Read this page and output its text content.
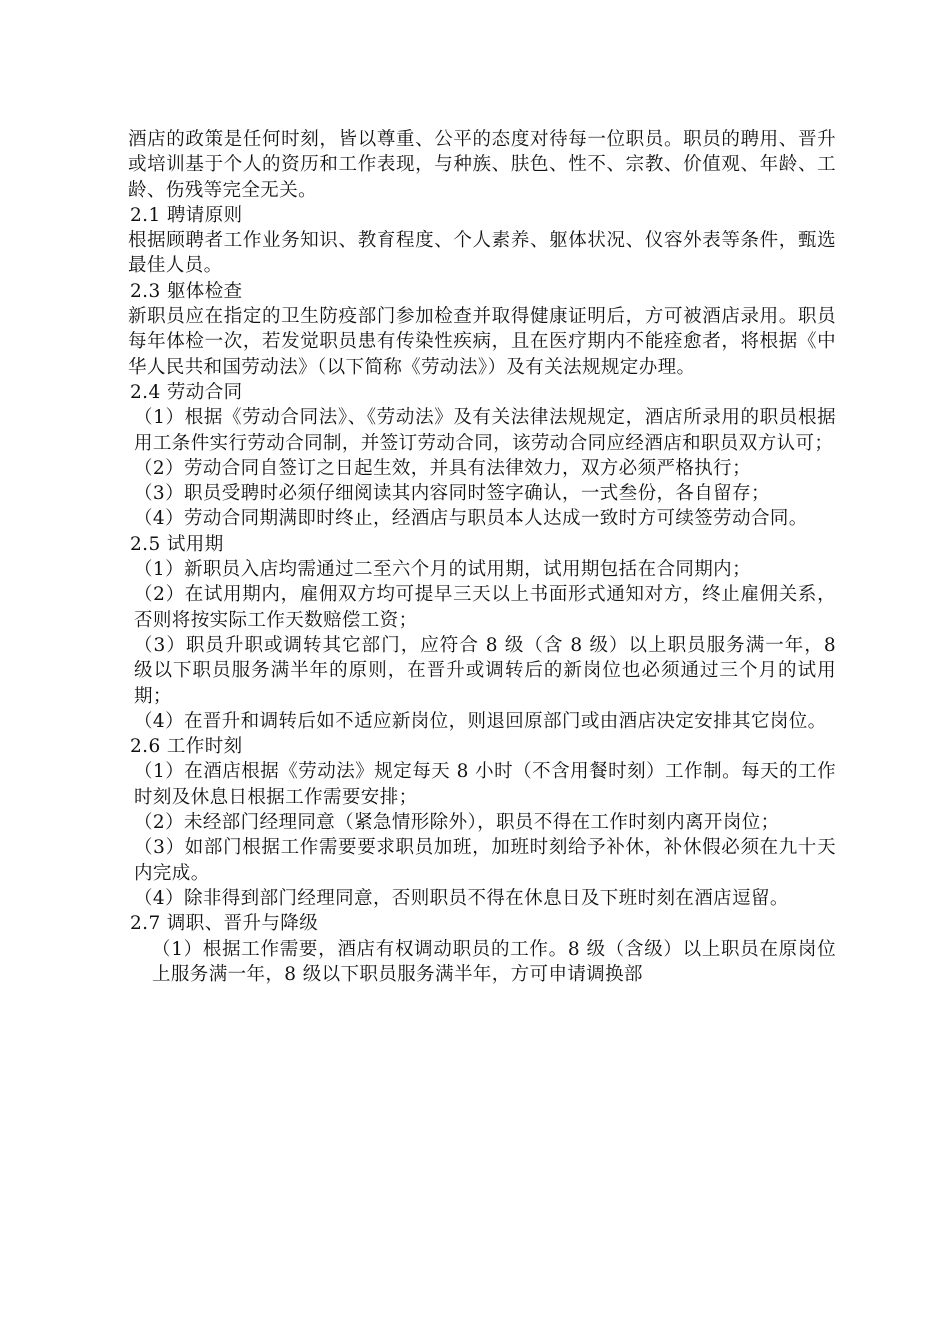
酒店的政策是任何时刻，皆以尊重、公平的态度对待每一位职员。职员的聘用、晋升或培训基于个人的资历和工作表现，与种族、肤色、性不、宗教、价值观、年龄、工龄、伤残等完全无关。

2.1 聘请原则

根据顾聘者工作业务知识、教育程度、个人素养、躯体状况、仪容外表等条件，甄选最佳人员。

2.3 躯体检查

新职员应在指定的卫生防疫部门参加检查并取得健康证明后，方可被酒店录用。职员每年体检一次，若发觉职员患有传染性疾病，且在医疗期内不能痊愈者，将根据《中华人民共和国劳动法》（以下简称《劳动法》）及有关法规规定办理。

2.4 劳动合同

（1）根据《劳动合同法》、《劳动法》及有关法律法规规定，酒店所录用的职员根据用工条件实行劳动合同制，并签订劳动合同，该劳动合同应经酒店和职员双方认可；

（2）劳动合同自签订之日起生效，并具有法律效力，双方必须严格执行；

（3）职员受聘时必须仔细阅读其内容同时签字确认，一式叁份，各自留存；

（4）劳动合同期满即时终止，经酒店与职员本人达成一致时方可续签劳动合同。

2.5 试用期

（1）新职员入店均需通过二至六个月的试用期，试用期包括在合同期内；

（2）在试用期内，雇佣双方均可提早三天以上书面形式通知对方，终止雇佣关系，否则将按实际工作天数赔偿工资；

（3）职员升职或调转其它部门，应符合 8 级（含 8 级）以上职员服务满一年，8 级以下职员服务满半年的原则，在晋升或调转后的新岗位也必须通过三个月的试用期；

（4）在晋升和调转后如不适应新岗位，则退回原部门或由酒店决定安排其它岗位。

2.6 工作时刻

（1）在酒店根据《劳动法》规定每天 8 小时（不含用餐时刻）工作制。每天的工作时刻及休息日根据工作需要安排；

（2）未经部门经理同意（紧急情形除外），职员不得在工作时刻内离开岗位；

（3）如部门根据工作需要要求职员加班，加班时刻给予补休，补休假必须在九十天内完成。

（4）除非得到部门经理同意，否则职员不得在休息日及下班时刻在酒店逗留。

2.7 调职、晋升与降级

（1）根据工作需要，酒店有权调动职员的工作。8 级（含级）以上职员在原岗位上服务满一年，8 级以下职员服务满半年，方可申请调换部
